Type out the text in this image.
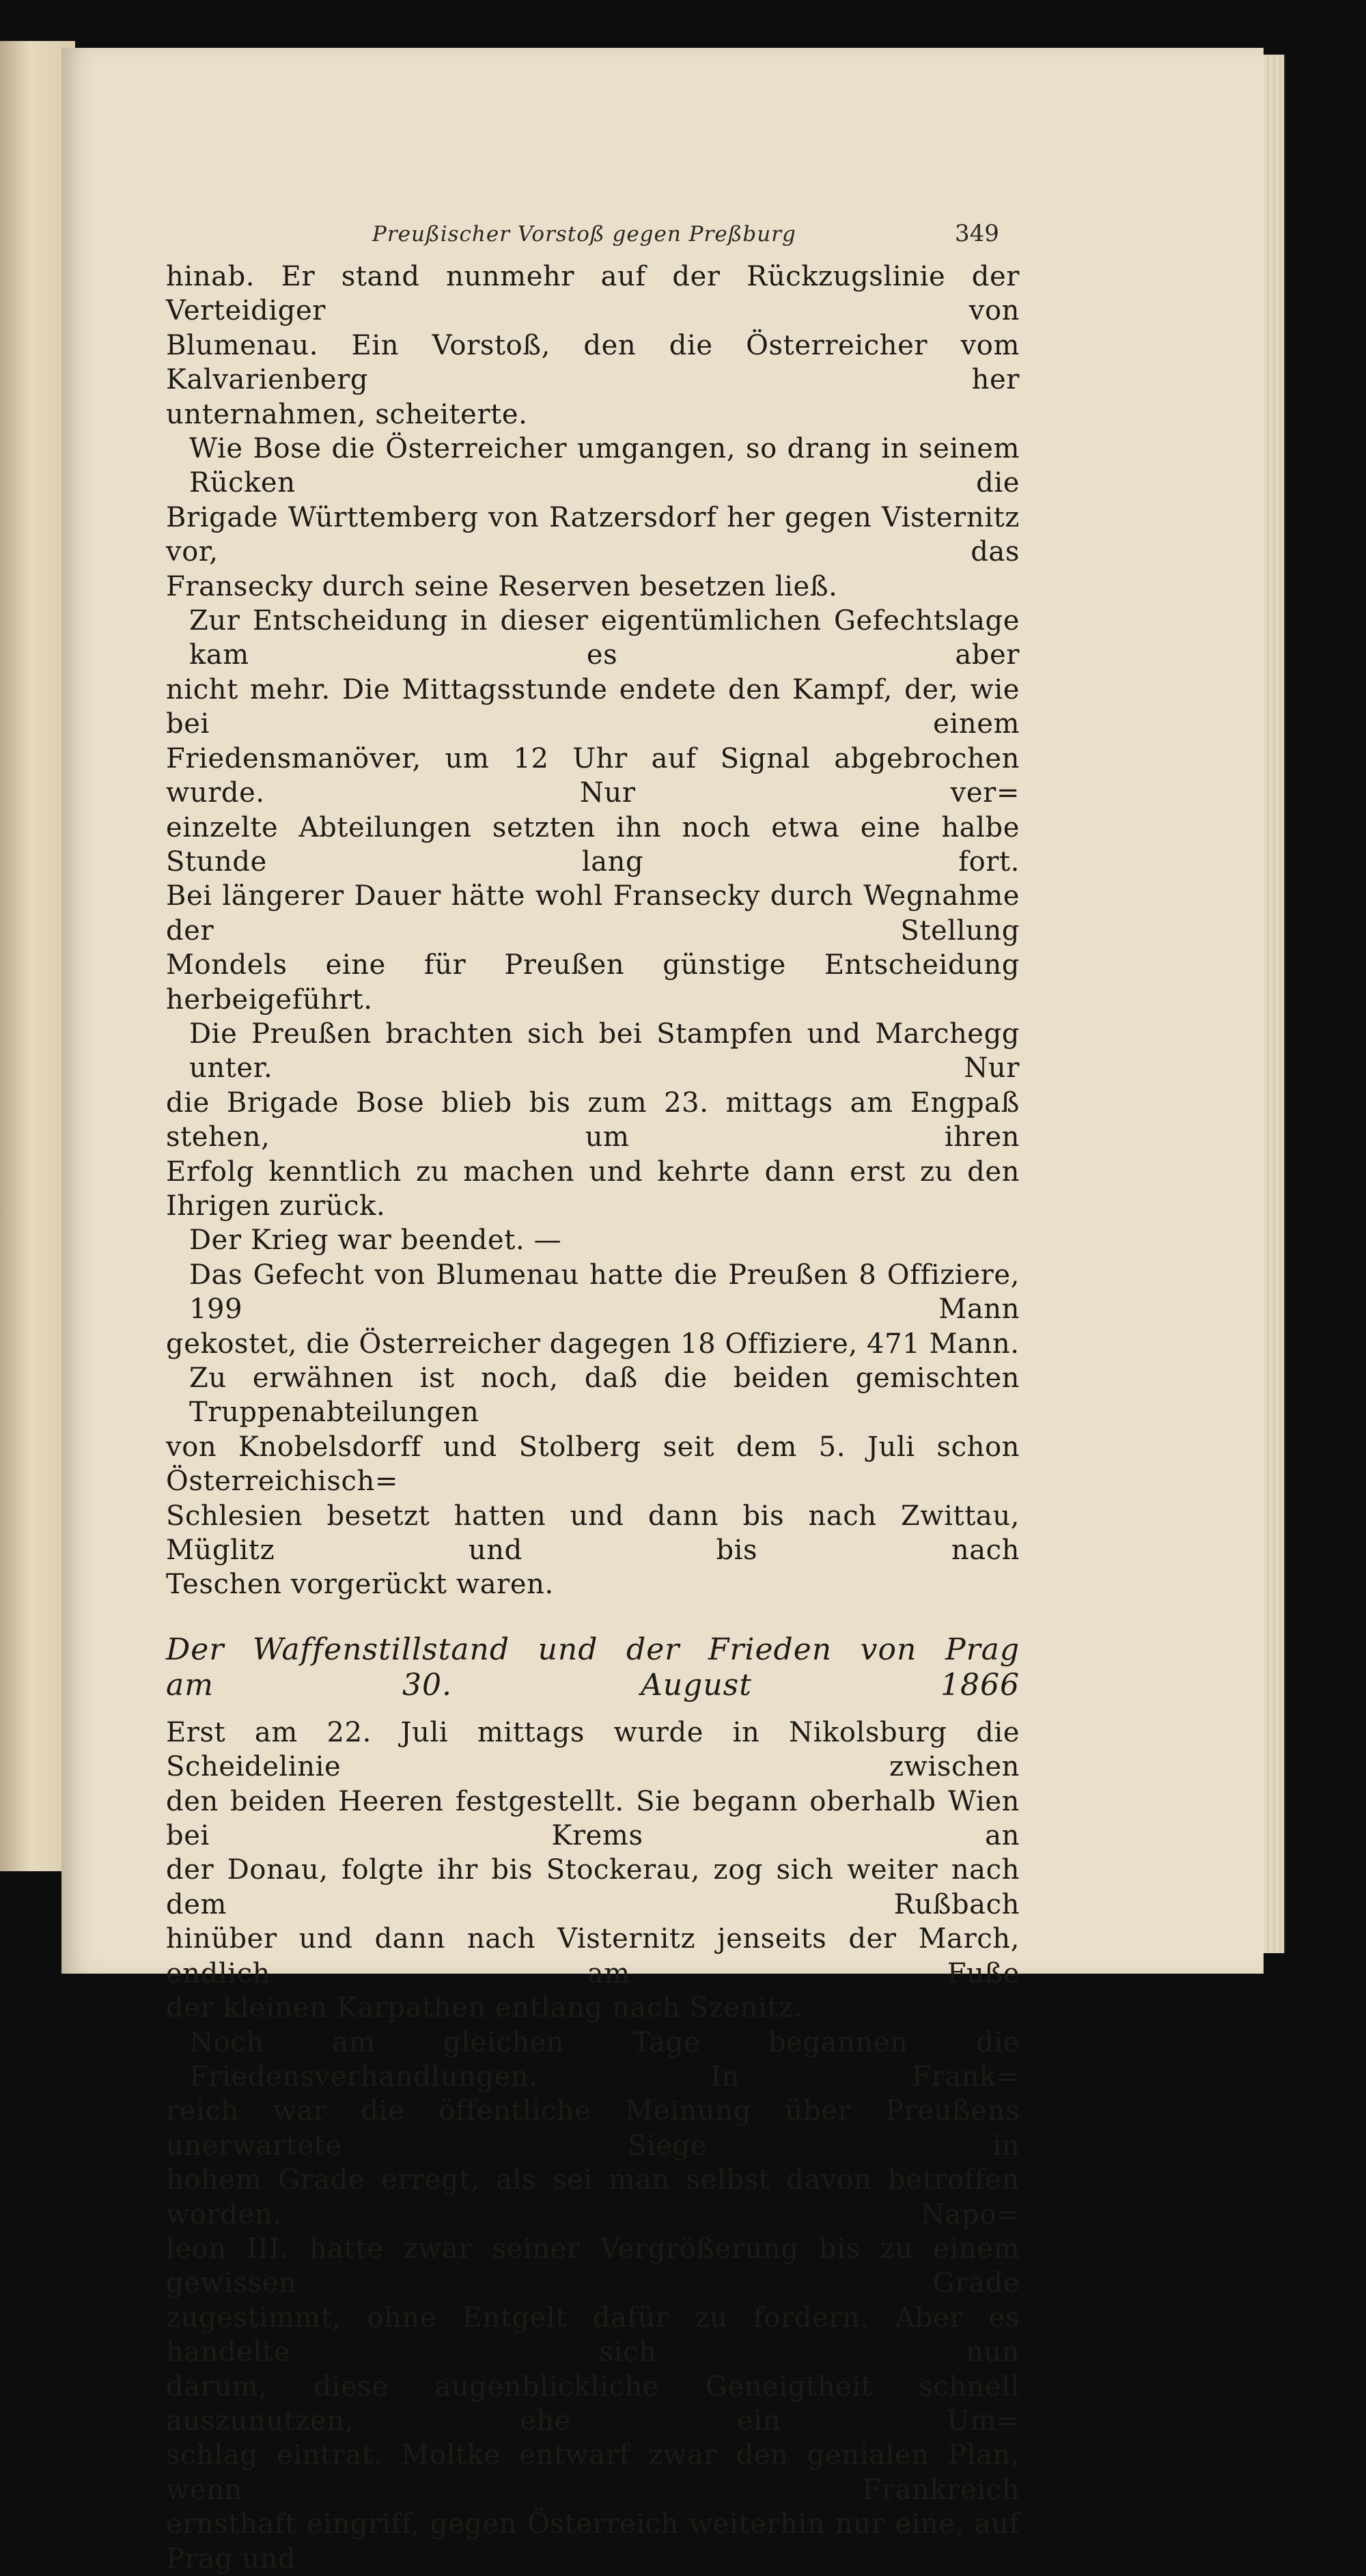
Preußischer Vorstoß gegen Preßburg	349

hinab. Er stand nunmehr auf der Rückzugslinie der Verteidiger von
Blumenau. Ein Vorstoß, den die Österreicher vom Kalvarienberg her
unternahmen, scheiterte.

Wie Bose die Österreicher umgangen, so drang in seinem Rücken die
Brigade Württemberg von Ratzersdorf her gegen Visternitz vor, das
Fransecky durch seine Reserven besetzen ließ.

Zur Entscheidung in dieser eigentümlichen Gefechtslage kam es aber
nicht mehr. Die Mittagsstunde endete den Kampf, der, wie bei einem
Friedensmanöver, um 12 Uhr auf Signal abgebrochen wurde. Nur ver=
einzelte Abteilungen setzten ihn noch etwa eine halbe Stunde lang fort.
Bei längerer Dauer hätte wohl Fransecky durch Wegnahme der Stellung
Mondels eine für Preußen günstige Entscheidung herbeigeführt.

Die Preußen brachten sich bei Stampfen und Marchegg unter. Nur
die Brigade Bose blieb bis zum 23. mittags am Engpaß stehen, um ihren
Erfolg kenntlich zu machen und kehrte dann erst zu den Ihrigen zurück.

Der Krieg war beendet. —

Das Gefecht von Blumenau hatte die Preußen 8 Offiziere, 199 Mann
gekostet, die Österreicher dagegen 18 Offiziere, 471 Mann.

Zu erwähnen ist noch, daß die beiden gemischten Truppenabteilungen
von Knobelsdorff und Stolberg seit dem 5. Juli schon Österreichisch=
Schlesien besetzt hatten und dann bis nach Zwittau, Müglitz und bis nach
Teschen vorgerückt waren.

Der Waffenstillstand und der Frieden von Prag

am 30. August 1866

Erst am 22. Juli mittags wurde in Nikolsburg die Scheidelinie zwischen
den beiden Heeren festgestellt. Sie begann oberhalb Wien bei Krems an
der Donau, folgte ihr bis Stockerau, zog sich weiter nach dem Rußbach
hinüber und dann nach Visternitz jenseits der March, endlich am Fuße
der kleinen Karpathen entlang nach Szenitz.

Noch am gleichen Tage begannen die Friedensverhandlungen. In Frank=
reich war die öffentliche Meinung über Preußens unerwartete Siege in
hohem Grade erregt, als sei man selbst davon betroffen worden. Napo=
leon III. hatte zwar seiner Vergrößerung bis zu einem gewissen Grade
zugestimmt, ohne Entgelt dafür zu fordern. Aber es handelte sich nun
darum, diese augenblickliche Geneigtheit schnell auszunutzen, ehe ein Um=
schlag eintrat. Moltke entwarf zwar den genialen Plan, wenn Frankreich
ernsthaft eingriff, gegen Österreich weiterhin nur eine, auf Prag und
